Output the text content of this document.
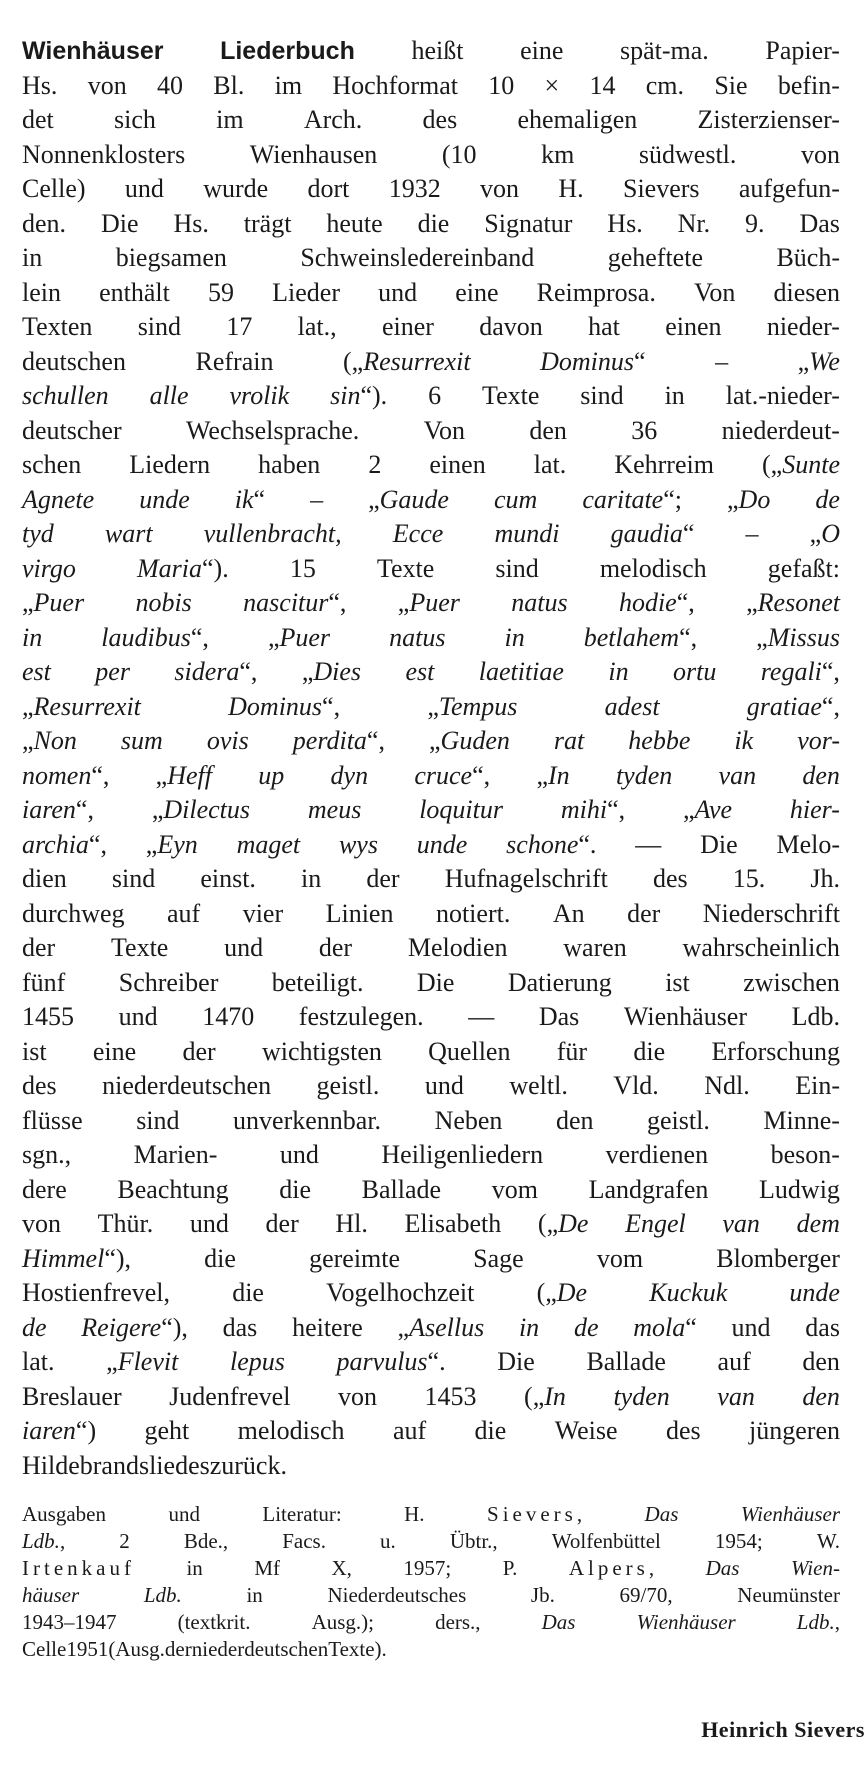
Wienhäuser Liederbuch heißt eine spät-ma. Papier-
Hs. von 40 Bl. im Hochformat 10 × 14 cm. Sie befin-
det sich im Arch. des ehemaligen Zisterzienser-
Nonnenklosters Wienhausen (10 km südwestl. von
Celle) und wurde dort 1932 von H. Sievers aufgefun-
den. Die Hs. trägt heute die Signatur Hs. Nr. 9. Das
in	biegsamen	Schweinsledereinband	geheftete	Büch-
lein enthält 59 Lieder und eine Reimprosa. Von diesen
Texten sind 17 lat., einer davon hat einen nieder-
deutschen	Refrain	(„Resurrexit	Dominus“	–	„We
schullen alle vrolik sin“). 6 Texte sind in lat.-nieder-
deutscher Wechselsprache. Von den 36 niederdeut-
schen Liedern haben 2 einen lat. Kehrreim („Sunte
Agnete unde ik“ – „Gaude cum caritate“; „Do de
tyd wart vullenbracht, Ecce mundi gaudia“ – „O
virgo Maria“). 15 Texte sind melodisch gefaßt:
„Puer nobis nascitur“, „Puer natus hodie“, „Resonet
in laudibus“, „Puer natus in betlahem“, „Missus
est per sidera“, „Dies est laetitiae in ortu regali“,
„Resurrexit	Dominus“,	„Tempus	adest	gratiae“,
„Non sum ovis perdita“, „Guden rat hebbe ik vor-
nomen“, „Heff up dyn cruce“, „In tyden van den
iaren“, „Dilectus meus loquitur mihi“, „Ave hier-
archia“, „Eyn maget wys unde schone“. — Die Melo-
dien sind einst. in der Hufnagelschrift des 15. Jh.
durchweg auf vier Linien notiert. An der Niederschrift
der Texte und der Melodien waren wahrscheinlich
fünf Schreiber beteiligt. Die Datierung ist zwischen
1455 und 1470 festzulegen. — Das Wienhäuser Ldb.
ist eine der wichtigsten Quellen für die Erforschung
des niederdeutschen geistl. und weltl. Vld. Ndl. Ein-
flüsse sind unverkennbar. Neben den geistl. Minne-
sgn., Marien- und Heiligenliedern verdienen beson-
dere Beachtung die Ballade vom Landgrafen Ludwig
von Thür. und der Hl. Elisabeth („De Engel van dem
Himmel“),	die	gereimte	Sage	vom	Blomberger
Hostienfrevel, die Vogelhochzeit („De Kuckuk unde
de Reigere“), das heitere „Asellus in de mola“ und das
lat. „Flevit lepus parvulus“. Die Ballade auf den
Breslauer Judenfrevel von 1453 („In tyden van den
iaren“) geht melodisch auf die Weise des jüngeren
Hildebrandsliedes zurück.
Ausgaben	und	Literatur:	H.	Sievers,	Das	Wienhäuser
Ldb.,	2	Bde.,	Facs.	u.	Übtr.,	Wolfenbüttel	1954;	W.
Irtenkauf in Mf X, 1957; P. Alpers, Das Wien-
häuser	Ldb.	in	Niederdeutsches	Jb.	69/70,	Neumünster
1943–1947	(textkrit.	Ausg.);	ders.,	Das	Wienhäuser	Ldb.,
Celle 1951 (Ausg. der niederdeutschen Texte).
Heinrich Sievers
